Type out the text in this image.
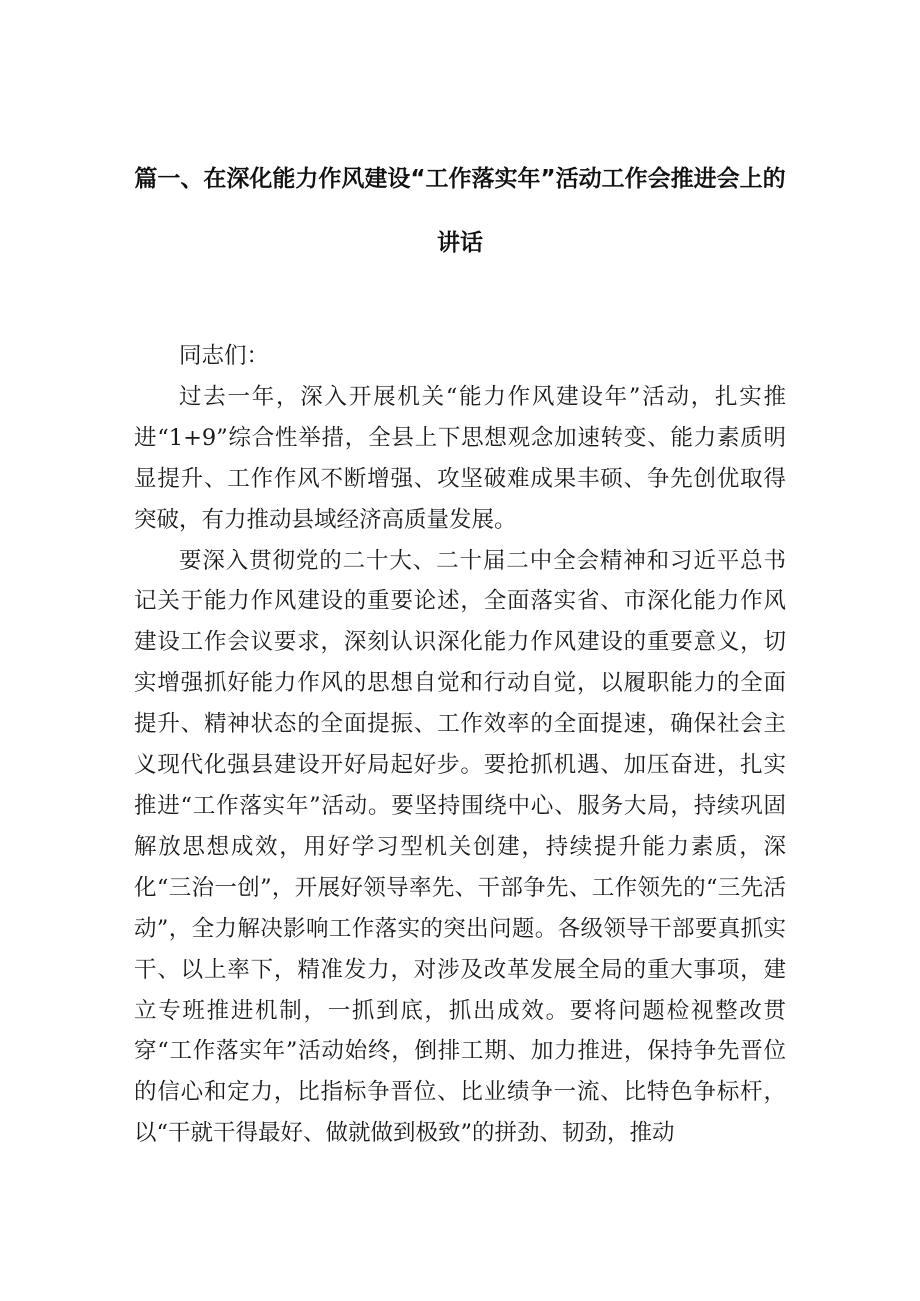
篇一、在深化能力作风建设“工作落实年”活动工作会推进会上的
讲话

同志们：

过去一年，深入开展机关“能力作风建设年”活动，扎实推进“1+9”综合性举措，全县上下思想观念加速转变、能力素质明显提升、工作作风不断增强、攻坚破难成果丰硕、争先创优取得突破，有力推动县域经济高质量发展。

要深入贯彻党的二十大、二十届二中全会精神和习近平总书记关于能力作风建设的重要论述，全面落实省、市深化能力作风建设工作会议要求，深刻认识深化能力作风建设的重要意义，切实增强抓好能力作风的思想自觉和行动自觉，以履职能力的全面提升、精神状态的全面提振、工作效率的全面提速，确保社会主义现代化强县建设开好局起好步。要抢抓机遇、加压奋进，扎实推进“工作落实年”活动。要坚持围绕中心、服务大局，持续巩固解放思想成效，用好学习型机关创建，持续提升能力素质，深化“三治一创”，开展好领导率先、干部争先、工作领先的“三先活动”，全力解决影响工作落实的突出问题。各级领导干部要真抓实干、以上率下，精准发力，对涉及改革发展全局的重大事项，建立专班推进机制，一抓到底，抓出成效。要将问题检视整改贯穿“工作落实年”活动始终，倒排工期、加力推进，保持争先晋位的信心和定力，比指标争晋位、比业绩争一流、比特色争标杆，以“干就干得最好、做就做到极致”的拼劲、韧劲，推动
